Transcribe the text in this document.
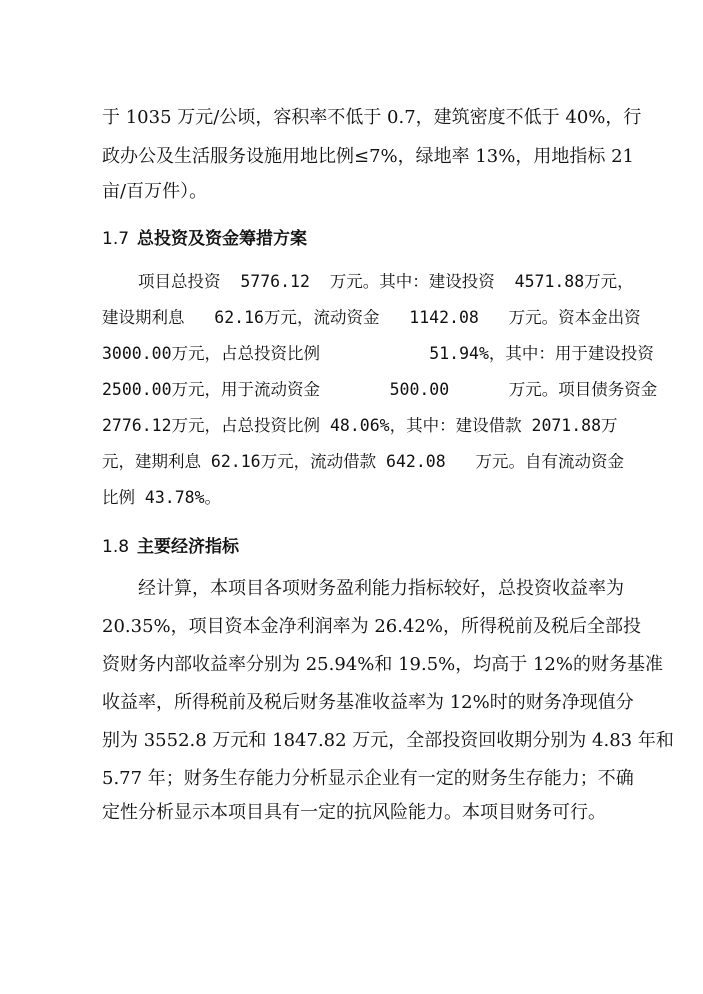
于 1035 万元/公顷，容积率不低于 0.7，建筑密度不低于 40%，行
政办公及生活服务设施用地比例≤7%，绿地率 13%，用地指标 21
亩/百万件）。
1.7 总投资及资金筹措方案
项目总投资  5776.12  万元。其中：建设投资  4571.88万元，
建设期利息   62.16万元，流动资金   1142.08   万元。资本金出资
3000.00万元，占总投资比例           51.94%，其中：用于建设投资
2500.00万元，用于流动资金       500.00      万元。项目债务资金
2776.12万元，占总投资比例 48.06%，其中：建设借款 2071.88万
元，建期利息 62.16万元，流动借款 642.08   万元。自有流动资金
比例 43.78%。
1.8 主要经济指标
经计算，本项目各项财务盈利能力指标较好，总投资收益率为
20.35%，项目资本金净利润率为 26.42%，所得税前及税后全部投
资财务内部收益率分别为 25.94%和 19.5%，均高于 12%的财务基准
收益率，所得税前及税后财务基准收益率为 12%时的财务净现值分
别为 3552.8 万元和 1847.82 万元，全部投资回收期分别为 4.83 年和
5.77 年；财务生存能力分析显示企业有一定的财务生存能力；不确
定性分析显示本项目具有一定的抗风险能力。本项目财务可行。
